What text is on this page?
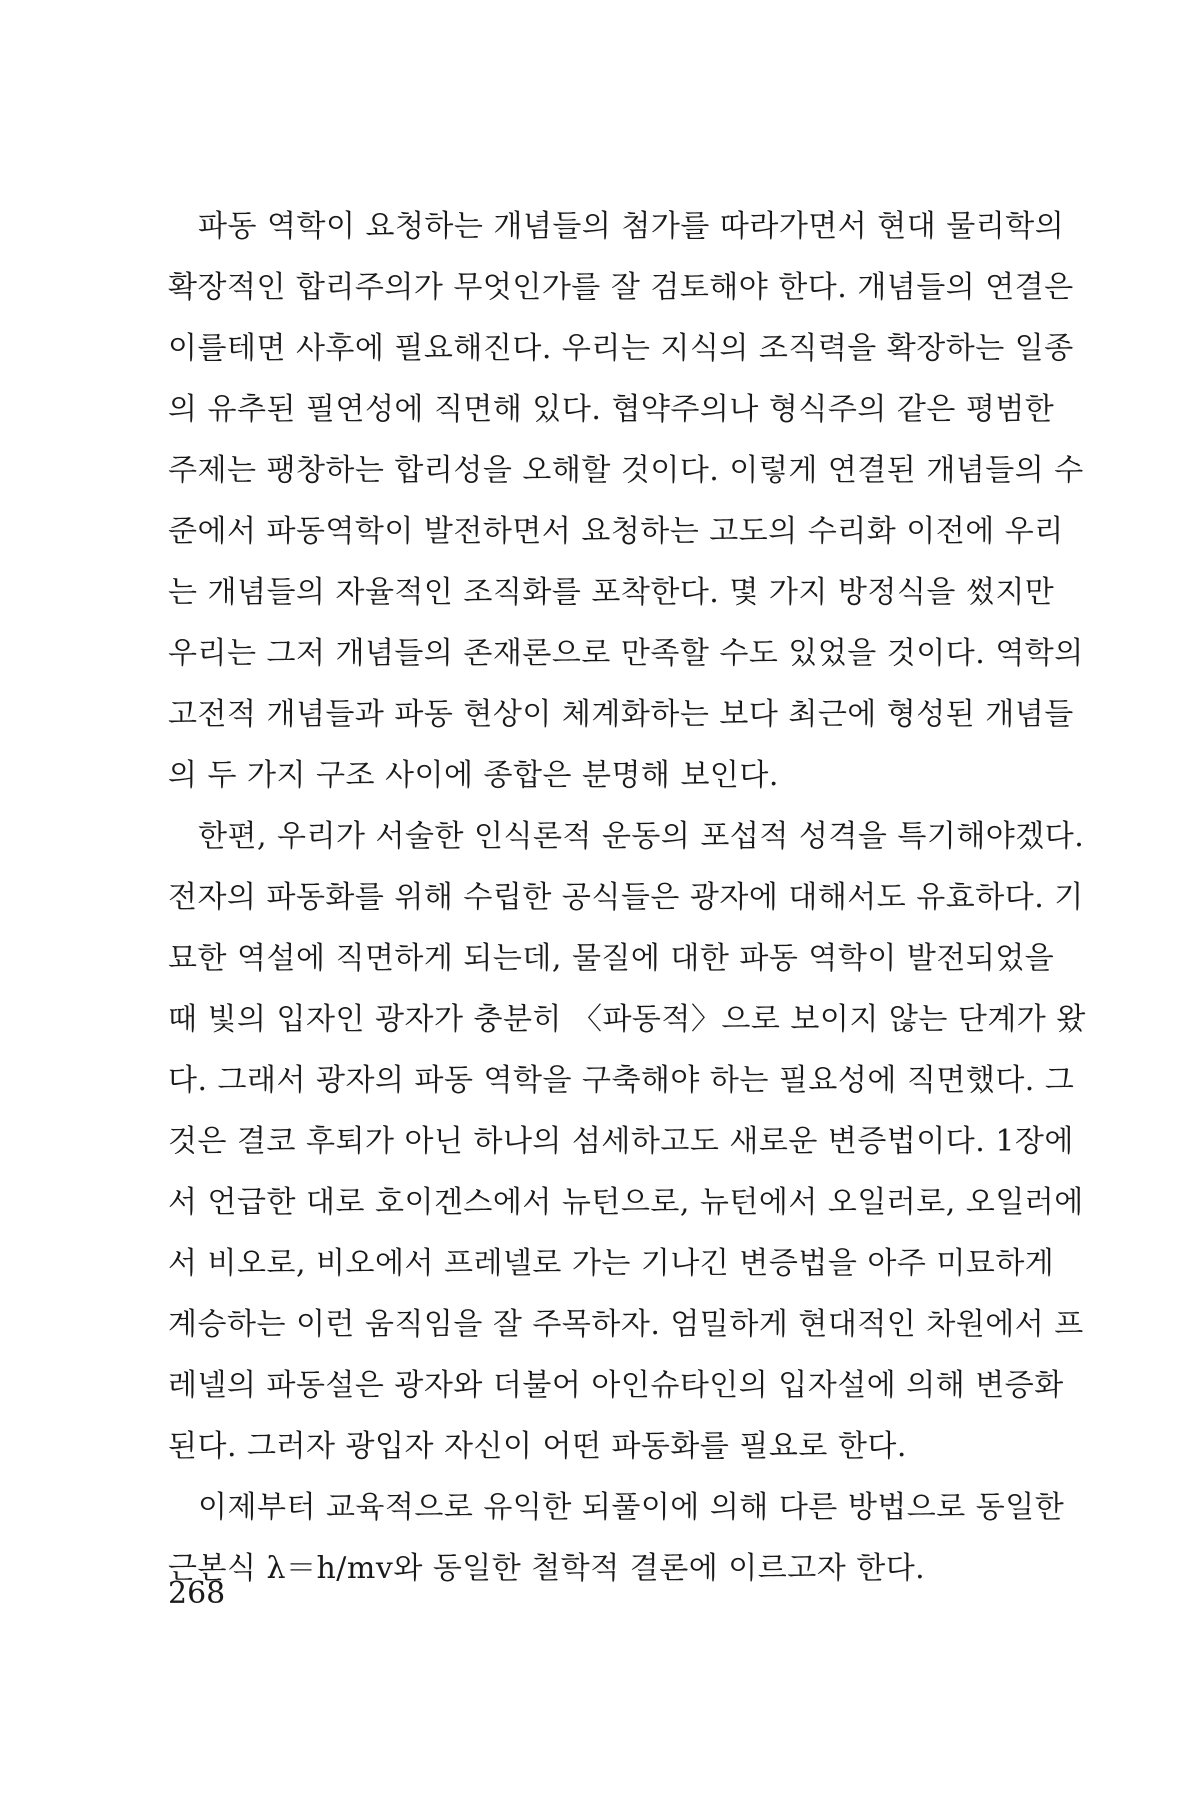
파동 역학이 요청하는 개념들의 첨가를 따라가면서 현대 물리학의
확장적인 합리주의가 무엇인가를 잘 검토해야 한다. 개념들의 연결은
이를테면 사후에 필요해진다. 우리는 지식의 조직력을 확장하는 일종
의 유추된 필연성에 직면해 있다. 협약주의나 형식주의 같은 평범한
주제는 팽창하는 합리성을 오해할 것이다. 이렇게 연결된 개념들의 수
준에서 파동역학이 발전하면서 요청하는 고도의 수리화 이전에 우리
는 개념들의 자율적인 조직화를 포착한다. 몇 가지 방정식을 썼지만
우리는 그저 개념들의 존재론으로 만족할 수도 있었을 것이다. 역학의
고전적 개념들과 파동 현상이 체계화하는 보다 최근에 형성된 개념들
의 두 가지 구조 사이에 종합은 분명해 보인다.
한편, 우리가 서술한 인식론적 운동의 포섭적 성격을 특기해야겠다.
전자의 파동화를 위해 수립한 공식들은 광자에 대해서도 유효하다. 기
묘한 역설에 직면하게 되는데, 물질에 대한 파동 역학이 발전되었을
때 빛의 입자인 광자가 충분히 〈파동적〉으로 보이지 않는 단계가 왔
다. 그래서 광자의 파동 역학을 구축해야 하는 필요성에 직면했다. 그
것은 결코 후퇴가 아닌 하나의 섬세하고도 새로운 변증법이다. 1장에
서 언급한 대로 호이겐스에서 뉴턴으로, 뉴턴에서 오일러로, 오일러에
서 비오로, 비오에서 프레넬로 가는 기나긴 변증법을 아주 미묘하게
계승하는 이런 움직임을 잘 주목하자. 엄밀하게 현대적인 차원에서 프
레넬의 파동설은 광자와 더불어 아인슈타인의 입자설에 의해 변증화
된다. 그러자 광입자 자신이 어떤 파동화를 필요로 한다.
이제부터 교육적으로 유익한 되풀이에 의해 다른 방법으로 동일한
근본식 λ＝h/mv와 동일한 철학적 결론에 이르고자 한다.
268
